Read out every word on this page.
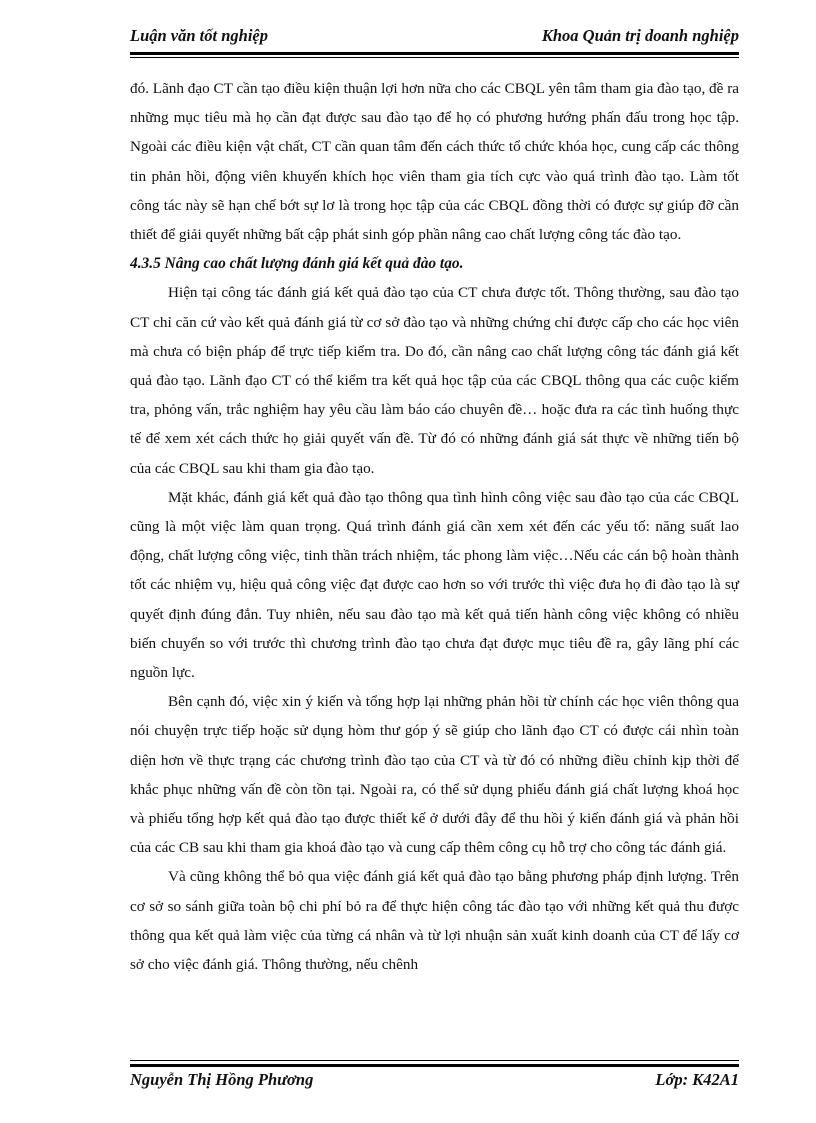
Luận văn tốt nghiệp	Khoa Quản trị doanh nghiệp

đó. Lãnh đạo CT cần tạo điều kiện thuận lợi hơn nữa cho các CBQL yên tâm tham gia đào tạo, đề ra những mục tiêu mà họ cần đạt được sau đào tạo để họ có phương hướng phấn đấu trong học tập. Ngoài các điều kiện vật chất, CT cần quan tâm đến cách thức tổ chức khóa học, cung cấp các thông tin phản hồi, động viên khuyến khích học viên tham gia tích cực vào quá trình đào tạo. Làm tốt công tác này sẽ hạn chế bớt sự lơ là trong học tập của các CBQL đồng thời có được sự giúp đỡ cần thiết để giải quyết những bất cập phát sinh góp phần nâng cao chất lượng công tác đào tạo.

4.3.5 Nâng cao chất lượng đánh giá kết quả đào tạo.

Hiện tại công tác đánh giá kết quả đào tạo của CT chưa được tốt. Thông thường, sau đào tạo CT chỉ căn cứ vào kết quả đánh giá từ cơ sở đào tạo và những chứng chỉ được cấp cho các học viên mà chưa có biện pháp để trực tiếp kiểm tra. Do đó, cần nâng cao chất lượng công tác đánh giá kết quả đào tạo. Lãnh đạo CT có thể kiểm tra kết quả học tập của các CBQL thông qua các cuộc kiểm tra, phỏng vấn, trắc nghiệm hay yêu cầu làm báo cáo chuyên đề… hoặc đưa ra các tình huống thực tế để xem xét cách thức họ giải quyết vấn đề. Từ đó có những đánh giá sát thực về những tiến bộ của các CBQL sau khi tham gia đào tạo.

Mặt khác, đánh giá kết quả đào tạo thông qua tình hình công việc sau đào tạo của các CBQL cũng là một việc làm quan trọng. Quá trình đánh giá cần xem xét đến các yếu tố: năng suất lao động, chất lượng công việc, tinh thần trách nhiệm, tác phong làm việc…Nếu các cán bộ hoàn thành tốt các nhiệm vụ, hiệu quả công việc đạt được cao hơn so với trước thì việc đưa họ đi đào tạo là sự quyết định đúng đắn. Tuy nhiên, nếu sau đào tạo mà kết quả tiến hành công việc không có nhiều biến chuyển so với trước thì chương trình đào tạo chưa đạt được mục tiêu đề ra, gây lãng phí các nguồn lực.

Bên cạnh đó, việc xin ý kiến và tổng hợp lại những phản hồi từ chính các học viên thông qua nói chuyện trực tiếp hoặc sử dụng hòm thư góp ý sẽ giúp cho lãnh đạo CT có được cái nhìn toàn diện hơn về thực trạng các chương trình đào tạo của CT và từ đó có những điều chỉnh kịp thời để khắc phục những vấn đề còn tồn tại. Ngoài ra, có thể sử dụng phiếu đánh giá chất lượng khoá học và phiếu tổng hợp kết quả đào tạo được thiết kế ở dưới đây để thu hồi ý kiến đánh giá và phản hồi của các CB sau khi tham gia khoá đào tạo và cung cấp thêm công cụ hỗ trợ cho công tác đánh giá.

Và cũng không thể bỏ qua việc đánh giá kết quả đào tạo bằng phương pháp định lượng. Trên cơ sở so sánh giữa toàn bộ chi phí bỏ ra để thực hiện công tác đào tạo với những kết quả thu được thông qua kết quả làm việc của từng cá nhân và từ lợi nhuận sản xuất kinh doanh của CT để lấy cơ sở cho việc đánh giá. Thông thường, nếu chênh

Nguyễn Thị Hồng Phương	Lớp: K42A1
